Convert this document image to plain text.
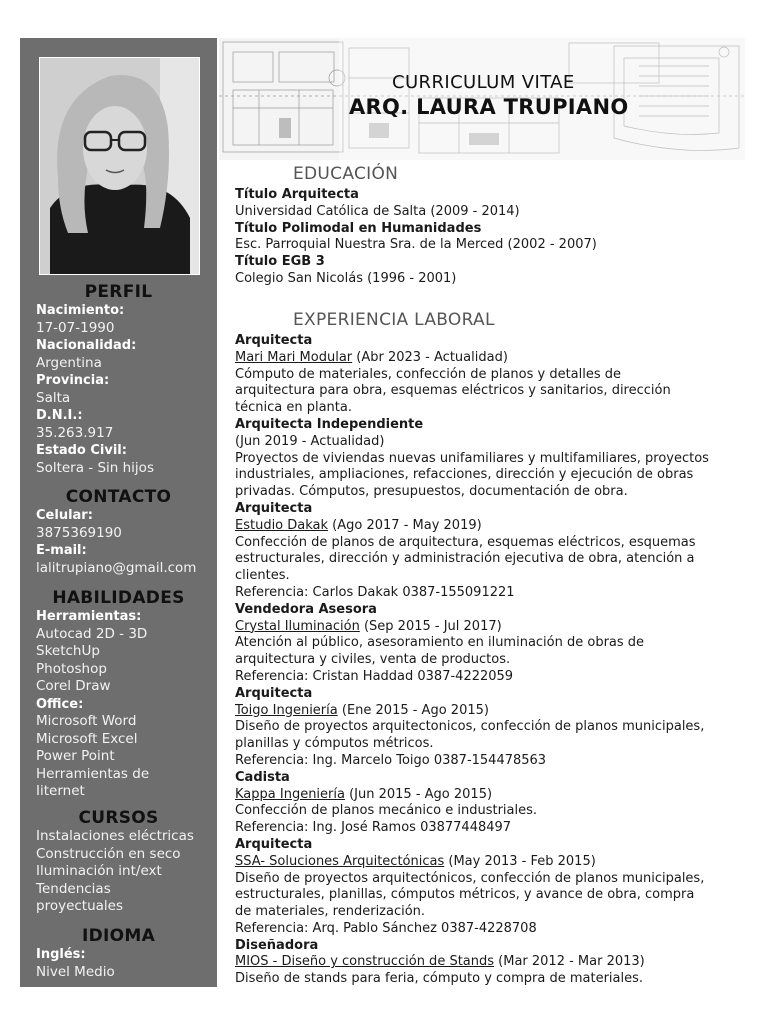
CURRICULUM VITAE
ARQ. LAURA TRUPIANO
PERFIL
Nacimiento:
17-07-1990
Nacionalidad:
Argentina
Provincia:
Salta
D.N.I.:
35.263.917
Estado Civil:
Soltera - Sin hijos
CONTACTO
Celular:
3875369190
E-mail:
lalitrupiano@gmail.com
HABILIDADES
Herramientas:
Autocad 2D - 3D
SketchUp
Photoshop
Corel Draw
Office:
Microsoft Word
Microsoft Excel
Power Point
Herramientas de
Iiternet
CURSOS
Instalaciones eléctricas
Construcción en seco
Iluminación int/ext
Tendencias
proyectuales
IDIOMA
Inglés:
Nivel Medio
EDUCACIÓN
Título Arquitecta
Universidad Católica de Salta (2009 - 2014)
Título Polimodal en Humanidades
Esc. Parroquial Nuestra Sra. de la Merced (2002 - 2007)
Título EGB 3
Colegio San Nicolás (1996 - 2001)
EXPERIENCIA LABORAL
Arquitecta
Mari Mari Modular (Abr 2023 - Actualidad)
Cómputo de materiales, confección de planos y detalles de
arquitectura para obra, esquemas eléctricos y sanitarios, dirección
técnica en planta.
Arquitecta Independiente
(Jun 2019 - Actualidad)
Proyectos de viviendas nuevas unifamiliares y multifamiliares, proyectos
industriales, ampliaciones, refacciones, dirección y ejecución de obras
privadas. Cómputos, presupuestos, documentación de obra.
Arquitecta
Estudio Dakak (Ago 2017 - May 2019)
Confección de planos de arquitectura, esquemas eléctricos, esquemas
estructurales, dirección y administración ejecutiva de obra, atención a
clientes.
Referencia: Carlos Dakak 0387-155091221
Vendedora Asesora
Crystal Iluminación (Sep 2015 - Jul 2017)
Atención al público, asesoramiento en iluminación de obras de
arquitectura y civiles, venta de productos.
Referencia: Cristan Haddad 0387-4222059
Arquitecta
Toigo Ingeniería (Ene 2015 - Ago 2015)
Diseño de proyectos arquitectonicos, confección de planos municipales,
planillas y cómputos métricos.
Referencia: Ing. Marcelo Toigo 0387-154478563
Cadista
Kappa Ingeniería (Jun 2015 - Ago 2015)
Confección de planos mecánico e industriales.
Referencia: Ing. José Ramos 03877448497
Arquitecta
SSA- Soluciones Arquitectónicas (May 2013 - Feb 2015)
Diseño de proyectos arquitectónicos, confección de planos municipales,
estructurales, planillas, cómputos métricos, y avance de obra, compra
de materiales, renderización.
Referencia: Arq. Pablo Sánchez 0387-4228708
Diseñadora
MIOS - Diseño y construcción de Stands (Mar 2012 - Mar 2013)
Diseño de stands para feria, cómputo y compra de materiales.
